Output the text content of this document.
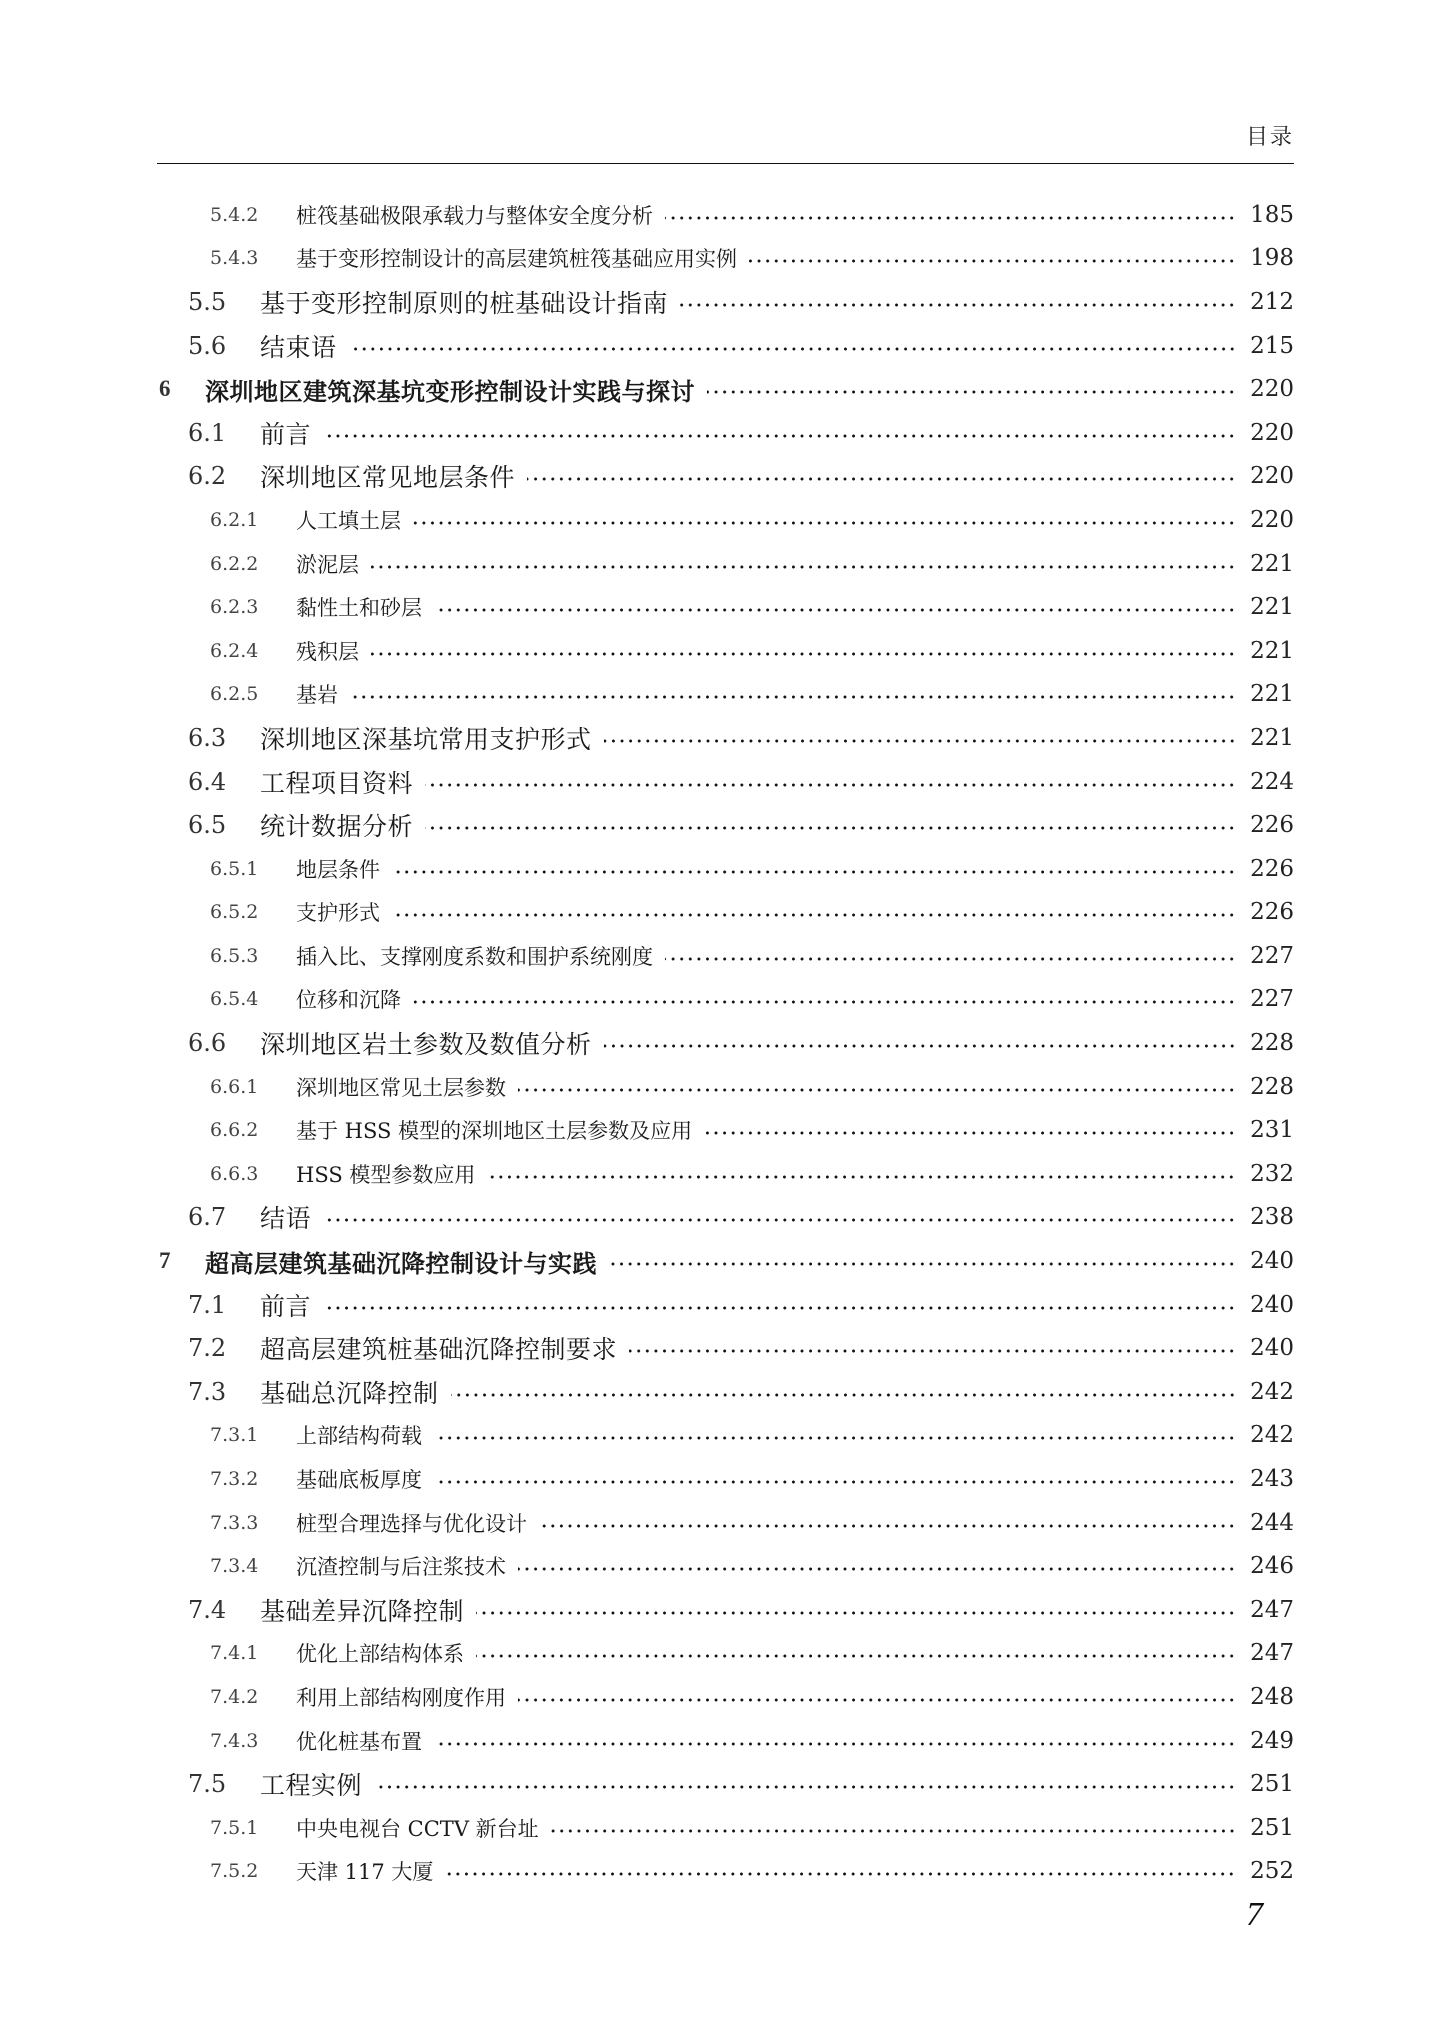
目录
5.4.2	桩筏基础极限承载力与整体安全度分析	185
5.4.3	基于变形控制设计的高层建筑桩筏基础应用实例	198
5.5	基于变形控制原则的桩基础设计指南	212
5.6	结束语	215
6	深圳地区建筑深基坑变形控制设计实践与探讨	220
6.1	前言	220
6.2	深圳地区常见地层条件	220
6.2.1	人工填土层	220
6.2.2	淤泥层	221
6.2.3	黏性土和砂层	221
6.2.4	残积层	221
6.2.5	基岩	221
6.3	深圳地区深基坑常用支护形式	221
6.4	工程项目资料	224
6.5	统计数据分析	226
6.5.1	地层条件	226
6.5.2	支护形式	226
6.5.3	插入比、支撑刚度系数和围护系统刚度	227
6.5.4	位移和沉降	227
6.6	深圳地区岩土参数及数值分析	228
6.6.1	深圳地区常见土层参数	228
6.6.2	基于 HSS 模型的深圳地区土层参数及应用	231
6.6.3	HSS 模型参数应用	232
6.7	结语	238
7	超高层建筑基础沉降控制设计与实践	240
7.1	前言	240
7.2	超高层建筑桩基础沉降控制要求	240
7.3	基础总沉降控制	242
7.3.1	上部结构荷载	242
7.3.2	基础底板厚度	243
7.3.3	桩型合理选择与优化设计	244
7.3.4	沉渣控制与后注浆技术	246
7.4	基础差异沉降控制	247
7.4.1	优化上部结构体系	247
7.4.2	利用上部结构刚度作用	248
7.4.3	优化桩基布置	249
7.5	工程实例	251
7.5.1	中央电视台 CCTV 新台址	251
7.5.2	天津 117 大厦	252
7
